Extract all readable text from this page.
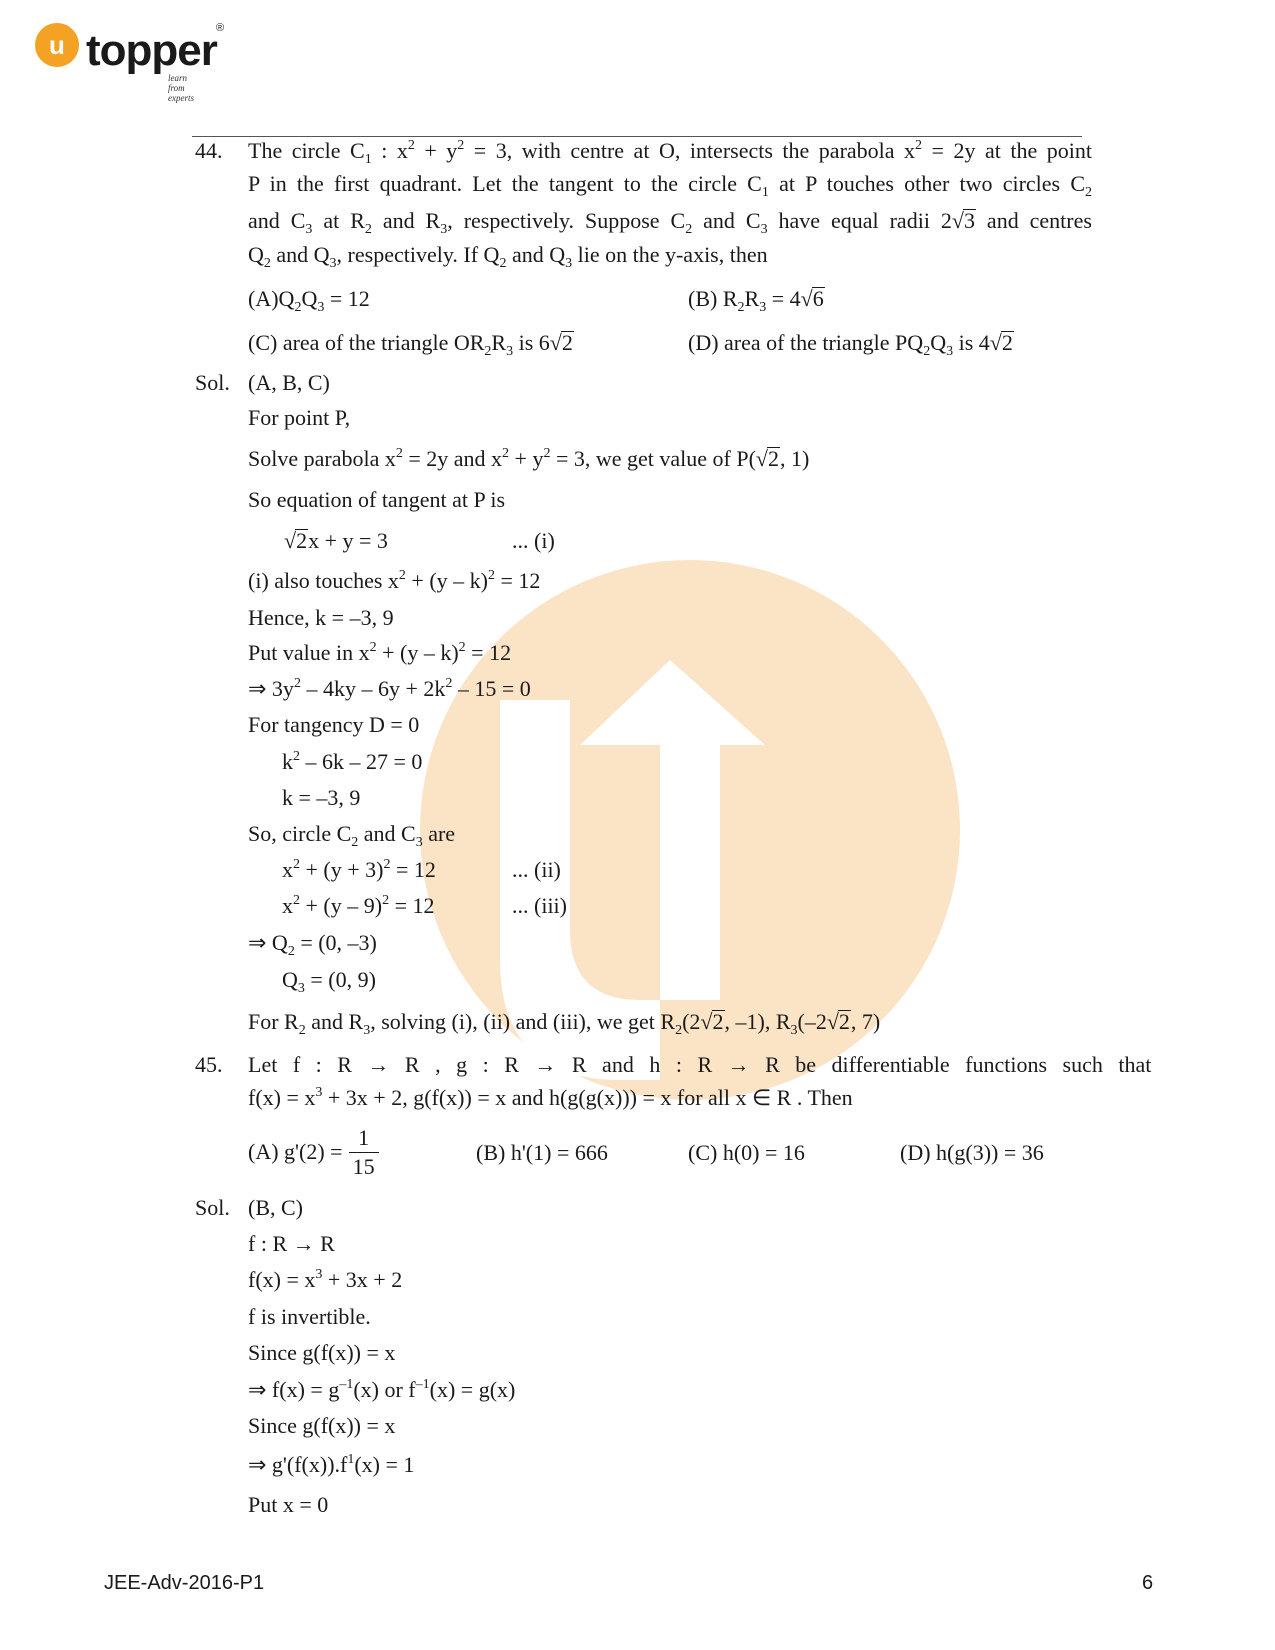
u topper ®
learn from experts
44. The circle $C_1$ : $x^2 + y^2 = 3$, with centre at O, intersects the parabola $x^2 = 2y$ at the point
P in the first quadrant. Let the tangent to the circle $C_1$ at P touches other two circles $C_2$
and $C_3$ at $R_2$ and $R_3$, respectively. Suppose $C_2$ and $C_3$ have equal radii 2√3 and centres
$Q_2$ and $Q_3$, respectively. If $Q_2$ and $Q_3$ lie on the y-axis, then
$(A)Q_2Q_3 = 12$	(B) $R_2R_3 = 4√6$
(C) area of the triangle $OR_2R_3$ is 6√2	(D) area of the triangle $PQ_2Q_3$ is 4√2
Sol. (A, B, C)
For point P,
Solve parabola $x^2 = 2y$ and $x^2 + y^2 = 3$, we get value of P(√2, 1)
So equation of tangent at P is
√2x + y = 3	... (i)
(i) also touches $x^2 + (y - k)^2 = 12$
Hence, k = –3, 9
Put value in $x^2 + (y - k)^2 = 12$
⇒ $3y^2 - 4ky - 6y + 2k^2 - 15 = 0$
For tangency D = 0
$k^2 - 6k - 27 = 0$
k = –3, 9
So, circle $C_2$ and $C_3$ are
$x^2 + (y + 3)^2 = 12$	... (ii)
$x^2 + (y - 9)^2 = 12$	... (iii)
⇒ $Q_2 = (0$, –3)
$Q_3 = (0$, 9)
For $R_2$ and $R_3$, solving (i), (ii) and (iii), we get $R_2(2√2$, –1), $R_3(-2√2$, 7)
45. Let f : R → R , g : R → R and h : R → R be differentiable functions such that
$f(x) = x^3 + 3x + 2$, g(f(x)) = x and h(g(g(x))) = x for all x ∈ R . Then
(A) $g'(2) = \frac{1}{15}$	(B) h'(1) = 666	(C) h(0) = 16	(D) h(g(3)) = 36
Sol. (B, C)
f : R → R
$f(x) = x^3 + 3x + 2$
f is invertible.
Since g(f(x)) = x
⇒ $f(x) = g^{-1}(x)$ or $f^{-1}(x) = g(x)$
Since g(f(x)) = x
⇒ $g'(f(x)).f^1(x) = 1$
Put x = 0
JEE-Adv-2016-P1	6
